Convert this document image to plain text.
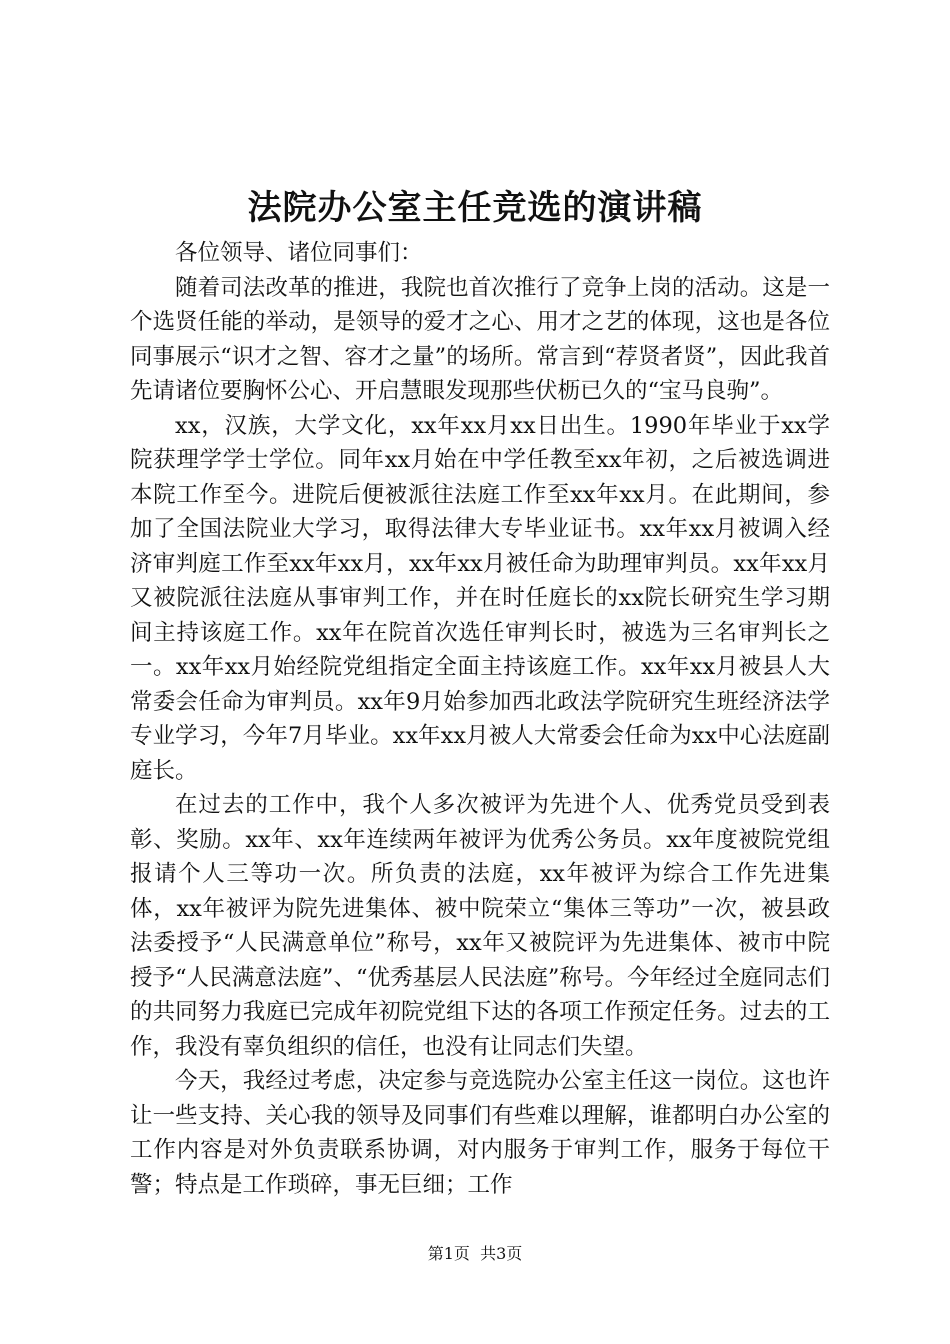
法院办公室主任竞选的演讲稿

各位领导、诸位同事们：

随着司法改革的推进，我院也首次推行了竞争上岗的活动。这是一个选贤任能的举动，是领导的爱才之心、用才之艺的体现，这也是各位同事展示“识才之智、容才之量”的场所。常言到“荐贤者贤”，因此我首先请诸位要胸怀公心、开启慧眼发现那些伏枥已久的“宝马良驹”。

xx，汉族，大学文化，xx年xx月xx日出生。1990年毕业于xx学院获理学学士学位。同年xx月始在中学任教至xx年初，之后被选调进本院工作至今。进院后便被派往法庭工作至xx年xx月。在此期间，参加了全国法院业大学习，取得法律大专毕业证书。xx年xx月被调入经济审判庭工作至xx年xx月，xx年xx月被任命为助理审判员。xx年xx月又被院派往法庭从事审判工作，并在时任庭长的xx院长研究生学习期间主持该庭工作。xx年在院首次选任审判长时，被选为三名审判长之一。xx年xx月始经院党组指定全面主持该庭工作。xx年xx月被县人大常委会任命为审判员。xx年9月始参加西北政法学院研究生班经济法学专业学习，今年7月毕业。xx年xx月被人大常委会任命为xx中心法庭副庭长。

在过去的工作中，我个人多次被评为先进个人、优秀党员受到表彰、奖励。xx年、xx年连续两年被评为优秀公务员。xx年度被院党组报请个人三等功一次。所负责的法庭，xx年被评为综合工作先进集体，xx年被评为院先进集体、被中院荣立“集体三等功”一次，被县政法委授予“人民满意单位”称号，xx年又被院评为先进集体、被市中院授予“人民满意法庭”、“优秀基层人民法庭”称号。今年经过全庭同志们的共同努力我庭已完成年初院党组下达的各项工作预定任务。过去的工作，我没有辜负组织的信任，也没有让同志们失望。

今天，我经过考虑，决定参与竞选院办公室主任这一岗位。这也许让一些支持、关心我的领导及同事们有些难以理解，谁都明白办公室的工作内容是对外负责联系协调，对内服务于审判工作，服务于每位干警；特点是工作琐碎，事无巨细；工作

第1页 共3页
